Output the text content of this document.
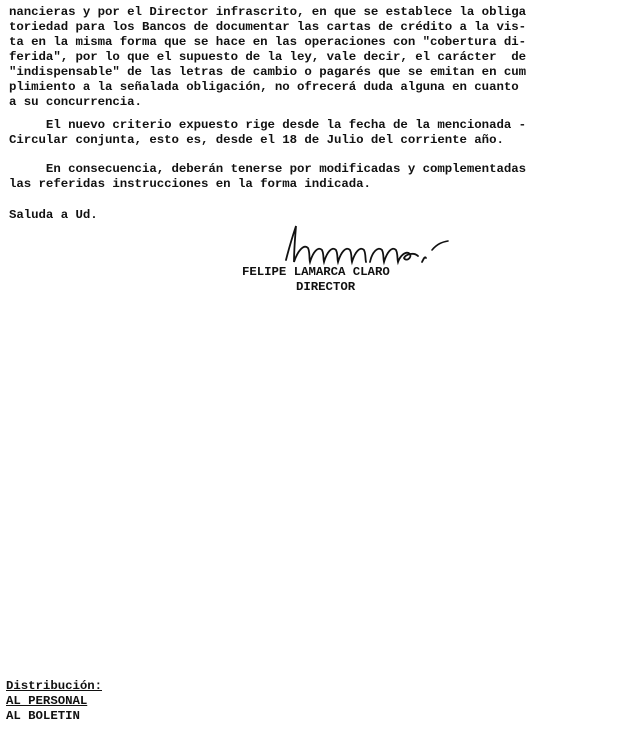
nancieras y por el Director infrascrito, en que se establece la obliga
toriedad para los Bancos de documentar las cartas de crédito a la vis-
ta en la misma forma que se hace en las operaciones con "cobertura di-
ferida", por lo que el supuesto de la ley, vale decir, el carácter  de
"indispensable" de las letras de cambio o pagarés que se emitan en cum
plimiento a la señalada obligación, no ofrecerá duda alguna en cuanto
a su concurrencia.
El nuevo criterio expuesto rige desde la fecha de la mencionada -
Circular conjunta, esto es, desde el 18 de Julio del corriente año.
En consecuencia, deberán tenerse por modificadas y complementadas
las referidas instrucciones en la forma indicada.
Saluda a Ud.
FELIPE LAMARCA CLARO
DIRECTOR
Distribución:
AL PERSONAL
AL BOLETIN
